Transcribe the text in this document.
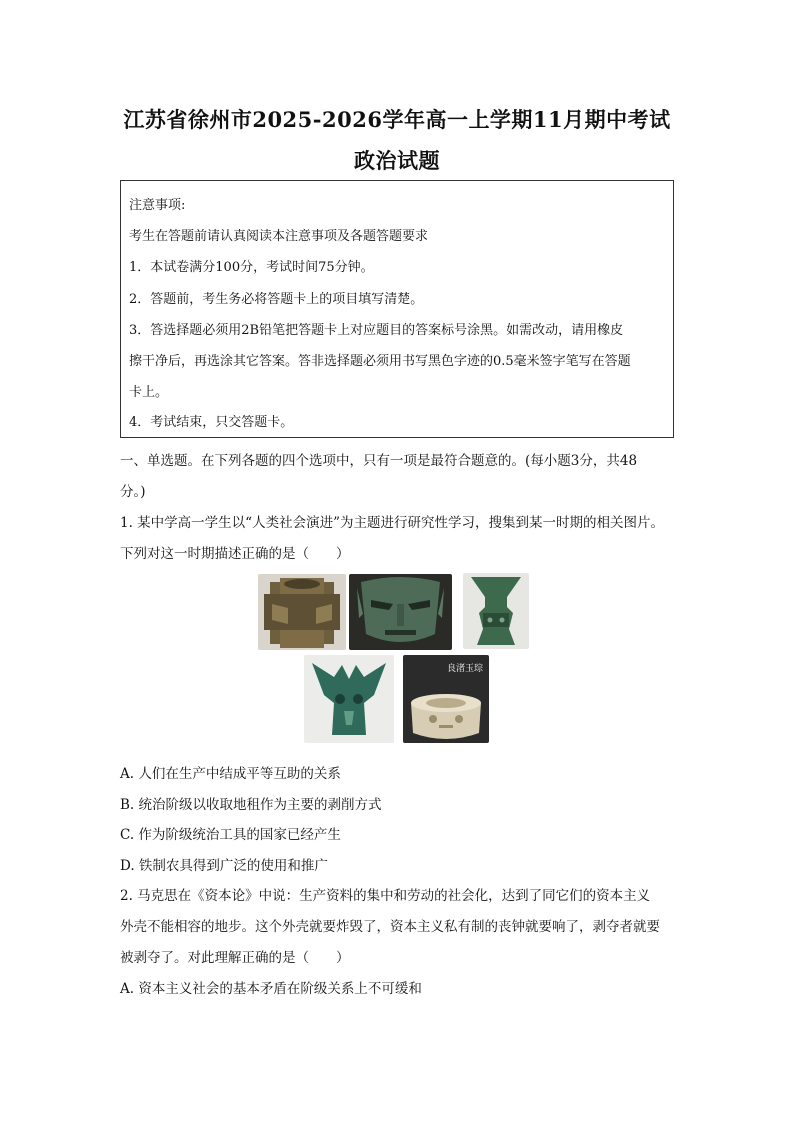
江苏省徐州市2025-2026学年高一上学期11月期中考试
政治试题
注意事项:
考生在答题前请认真阅读本注意事项及各题答题要求
1．本试卷满分100分，考试时间75分钟。
2．答题前，考生务必将答题卡上的项目填写清楚。
3．答选择题必须用2B铅笔把答题卡上对应题目的答案标号涂黑。如需改动，请用橡皮
擦干净后，再选涂其它答案。答非选择题必须用书写黑色字迹的0.5毫米签字笔写在答题
卡上。
4．考试结束，只交答题卡。
一、单选题。在下列各题的四个选项中，只有一项是最符合题意的。(每小题3分，共48
分。)
1. 某中学高一学生以“人类社会演进”为主题进行研究性学习，搜集到某一时期的相关图片。
下列对这一时期描述正确的是（　　）
良渚玉琮
A. 人们在生产中结成平等互助的关系
B. 统治阶级以收取地租作为主要的剥削方式
C. 作为阶级统治工具的国家已经产生
D. 铁制农具得到广泛的使用和推广
2. 马克思在《资本论》中说：生产资料的集中和劳动的社会化，达到了同它们的资本主义
外壳不能相容的地步。这个外壳就要炸毁了，资本主义私有制的丧钟就要响了，剥夺者就要
被剥夺了。对此理解正确的是（　　）
A. 资本主义社会的基本矛盾在阶级关系上不可缓和
